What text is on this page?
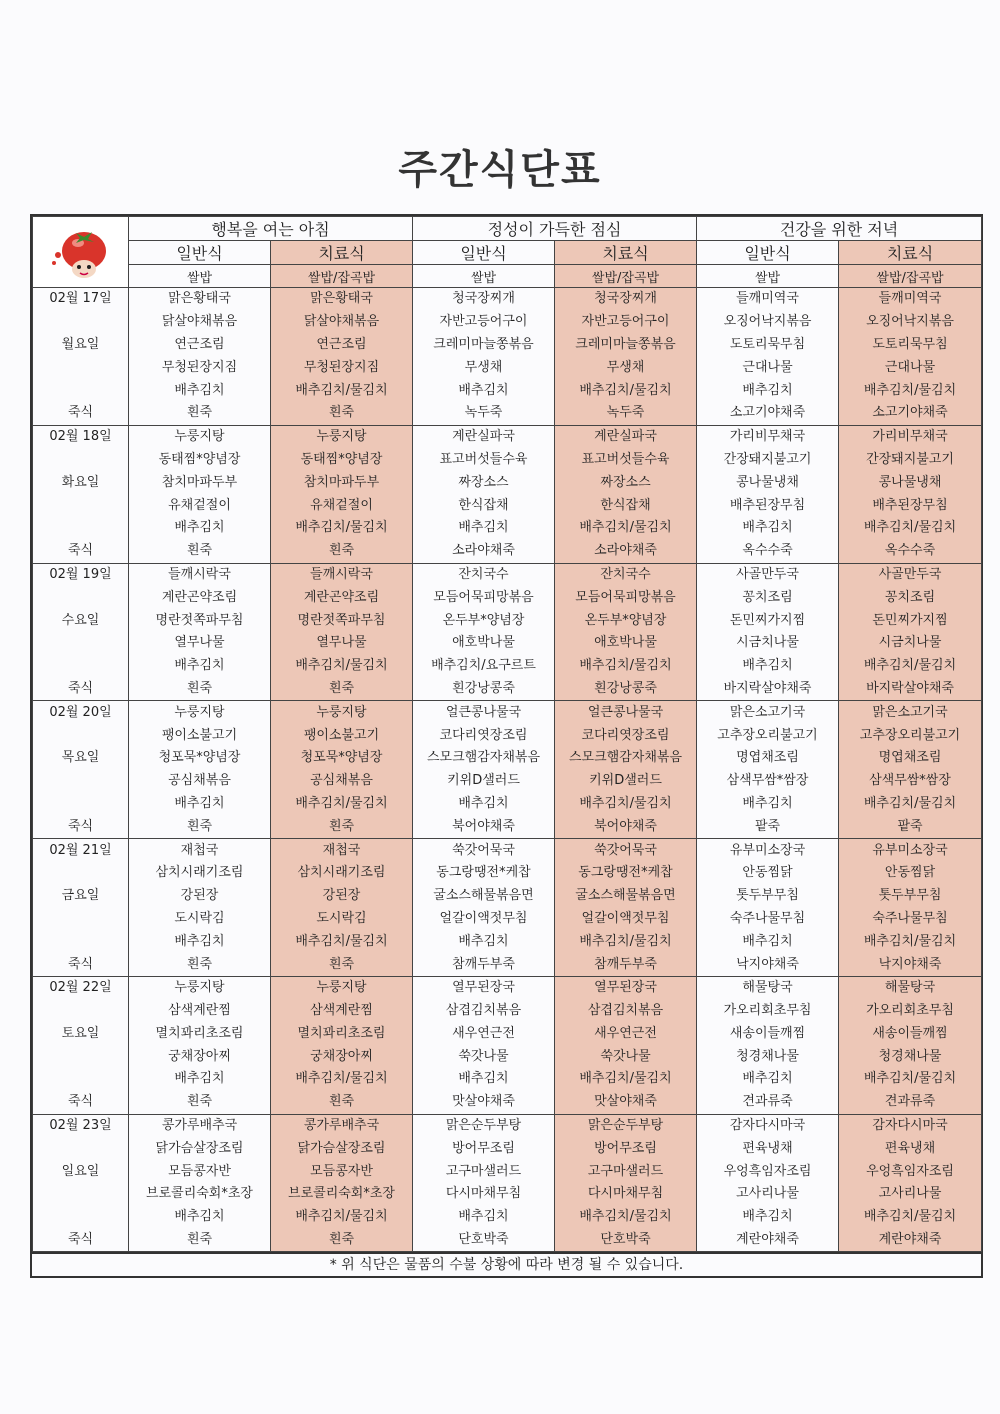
주간식단표
	행복을 여는 아침		정성이 가득한 점심		건강을 위한 저녁	
	일반식	치료식	일반식	치료식	일반식	치료식
	쌀밥	쌀밥/잡곡밥	쌀밥	쌀밥/잡곡밥	쌀밥	쌀밥/잡곡밥
02월 17일	맑은황태국	맑은황태국	청국장찌개	청국장찌개	들깨미역국	들깨미역국
	닭살야채볶음	닭살야채볶음	자반고등어구이	자반고등어구이	오징어낙지볶음	오징어낙지볶음
월요일	연근조림	연근조림	크레미마늘쫑볶음	크레미마늘쫑볶음	도토리묵무침	도토리묵무침
	무청된장지짐	무청된장지짐	무생채	무생채	근대나물	근대나물
	배추김치	배추김치/물김치	배추김치	배추김치/물김치	배추김치	배추김치/물김치
죽식	흰죽	흰죽	녹두죽	녹두죽	소고기야채죽	소고기야채죽
02월 18일	누룽지탕	누룽지탕	계란실파국	계란실파국	가리비무채국	가리비무채국
	동태찜*양념장	동태찜*양념장	표고버섯들수육	표고버섯들수육	간장돼지불고기	간장돼지불고기
화요일	참치마파두부	참치마파두부	짜장소스	짜장소스	콩나물냉채	콩나물냉채
	유채겉절이	유채겉절이	한식잡채	한식잡채	배추된장무침	배추된장무침
	배추김치	배추김치/물김치	배추김치	배추김치/물김치	배추김치	배추김치/물김치
죽식	흰죽	흰죽	소라야채죽	소라야채죽	옥수수죽	옥수수죽
02월 19일	들깨시락국	들깨시락국	잔치국수	잔치국수	사골만두국	사골만두국
	계란곤약조림	계란곤약조림	모듬어묵피망볶음	모듬어묵피망볶음	꽁치조림	꽁치조림
수요일	명란젓쪽파무침	명란젓쪽파무침	온두부*양념장	온두부*양념장	돈민찌가지찜	돈민찌가지찜
	열무나물	열무나물	애호박나물	애호박나물	시금치나물	시금치나물
	배추김치	배추김치/물김치	배추김치/요구르트	배추김치/물김치	배추김치	배추김치/물김치
죽식	흰죽	흰죽	흰강낭콩죽	흰강낭콩죽	바지락살야채죽	바지락살야채죽
02월 20일	누룽지탕	누룽지탕	얼큰콩나물국	얼큰콩나물국	맑은소고기국	맑은소고기국
	팽이소불고기	팽이소불고기	코다리엿장조림	코다리엿장조림	고추장오리불고기	고추장오리불고기
목요일	청포묵*양념장	청포묵*양념장	스모크햄감자채볶음	스모크햄감자채볶음	명엽채조림	명엽채조림
	공심채볶음	공심채볶음	키위D샐러드	키위D샐러드	삼색무쌈*쌈장	삼색무쌈*쌈장
	배추김치	배추김치/물김치	배추김치	배추김치/물김치	배추김치	배추김치/물김치
죽식	흰죽	흰죽	북어야채죽	북어야채죽	팥죽	팥죽
02월 21일	재첩국	재첩국	쑥갓어묵국	쑥갓어묵국	유부미소장국	유부미소장국
	삼치시래기조림	삼치시래기조림	동그랑땡전*케찹	동그랑땡전*케찹	안동찜닭	안동찜닭
금요일	강된장	강된장	굴소스해물볶음면	굴소스해물볶음면	톳두부무침	톳두부무침
	도시락김	도시락김	얼갈이액젓무침	얼갈이액젓무침	숙주나물무침	숙주나물무침
	배추김치	배추김치/물김치	배추김치	배추김치/물김치	배추김치	배추김치/물김치
죽식	흰죽	흰죽	참깨두부죽	참깨두부죽	낙지야채죽	낙지야채죽
02월 22일	누룽지탕	누룽지탕	열무된장국	열무된장국	해물탕국	해물탕국
	삼색계란찜	삼색계란찜	삼겹김치볶음	삼겹김치볶음	가오리회초무침	가오리회초무침
토요일	멸치꽈리초조림	멸치꽈리초조림	새우연근전	새우연근전	새송이들깨찜	새송이들깨찜
	궁채장아찌	궁채장아찌	쑥갓나물	쑥갓나물	청경채나물	청경채나물
	배추김치	배추김치/물김치	배추김치	배추김치/물김치	배추김치	배추김치/물김치
죽식	흰죽	흰죽	맛살야채죽	맛살야채죽	견과류죽	견과류죽
02월 23일	콩가루배추국	콩가루배추국	맑은순두부탕	맑은순두부탕	감자다시마국	감자다시마국
	닭가슴살장조림	닭가슴살장조림	방어무조림	방어무조림	편육냉채	편육냉채
일요일	모듬콩자반	모듬콩자반	고구마샐러드	고구마샐러드	우엉흑임자조림	우엉흑임자조림
	브로콜리숙회*초장	브로콜리숙회*초장	다시마채무침	다시마채무침	고사리나물	고사리나물
	배추김치	배추김치/물김치	배추김치	배추김치/물김치	배추김치	배추김치/물김치
죽식	흰죽	흰죽	단호박죽	단호박죽	계란야채죽	계란야채죽
* 위 식단은 물품의 수불 상황에 따라 변경 될 수 있습니다.
